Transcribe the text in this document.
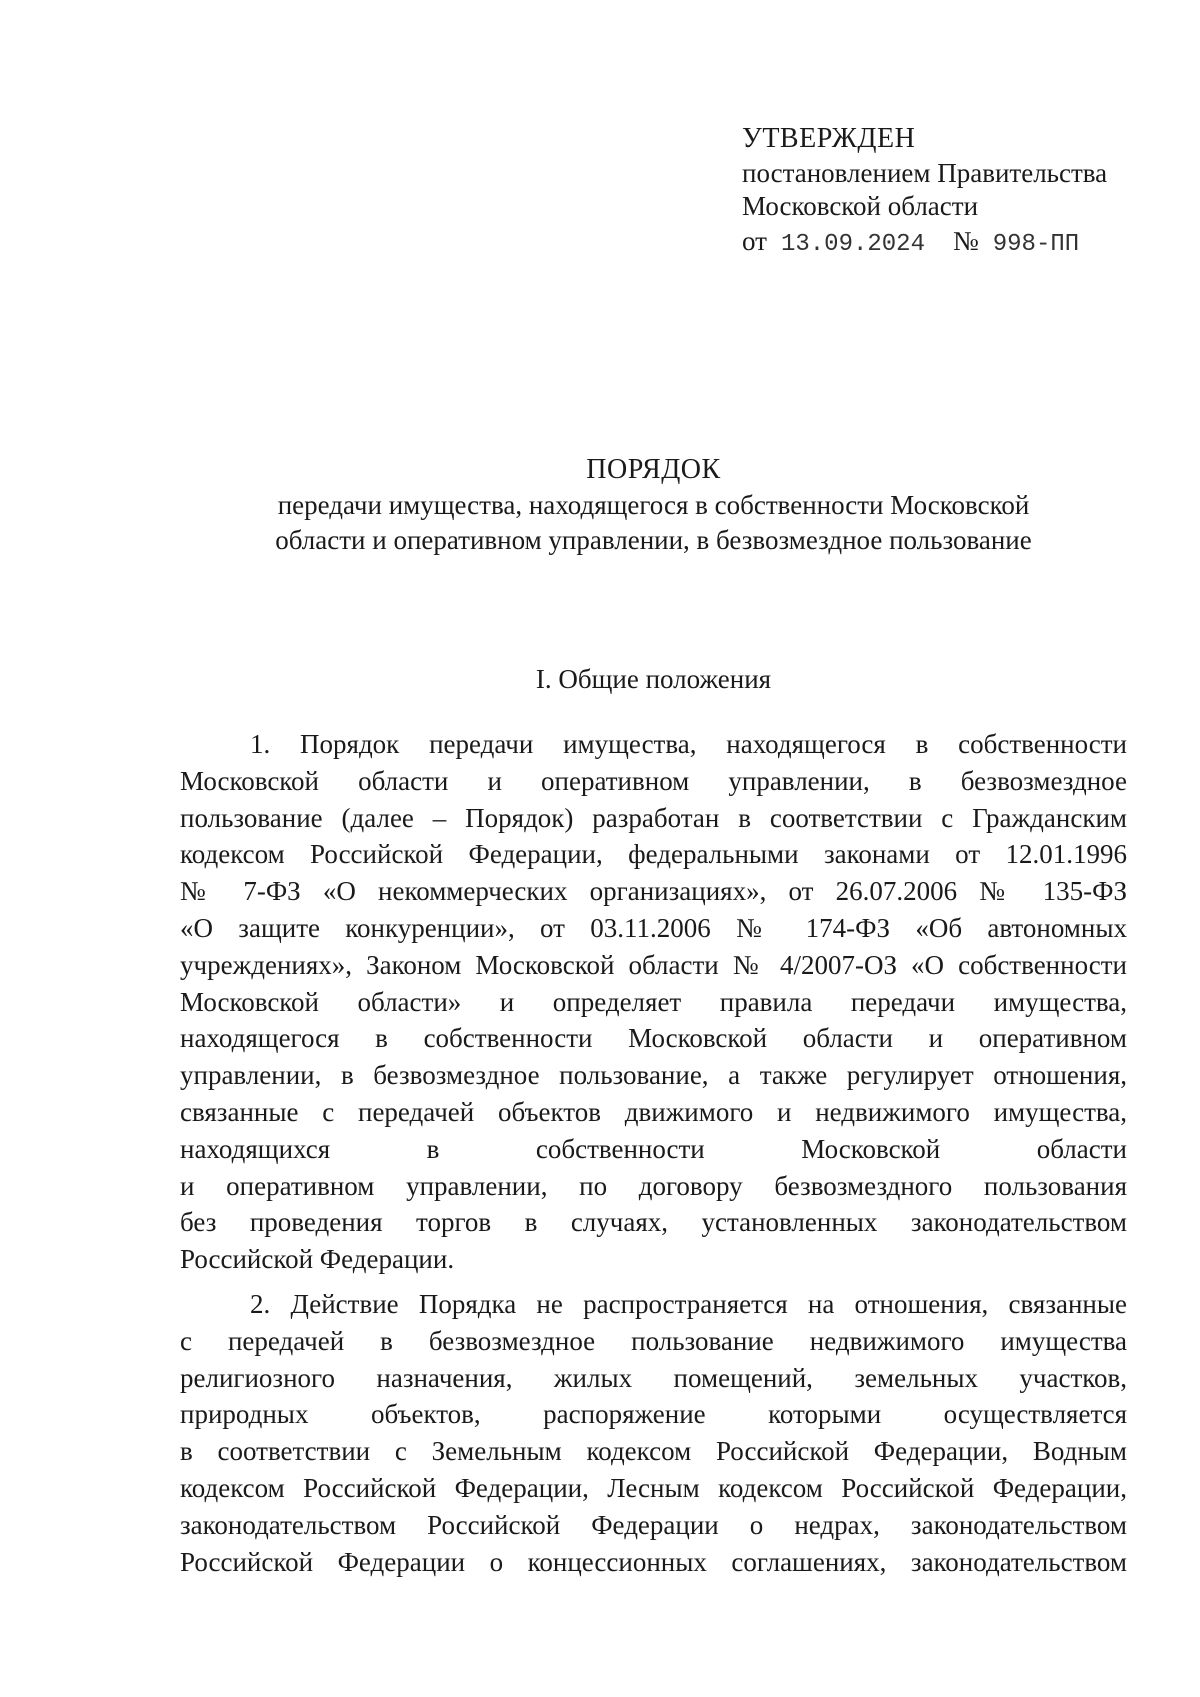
УТВЕРЖДЕН
постановлением Правительства
Московской области
от 13.09.2024 № 998-ПП
ПОРЯДОК
передачи имущества, находящегося в собственности Московской
области и оперативном управлении, в безвозмездное пользование
I. Общие положения
1. Порядок передачи имущества, находящегося в собственности
Московской области и оперативном управлении, в безвозмездное
пользование (далее – Порядок) разработан в соответствии с Гражданским
кодексом Российской Федерации, федеральными законами от 12.01.1996
№ 7-ФЗ «О некоммерческих организациях», от 26.07.2006 № 135-ФЗ
«О защите конкуренции», от 03.11.2006 № 174-ФЗ «Об автономных
учреждениях», Законом Московской области № 4/2007-ОЗ «О собственности
Московской области» и определяет правила передачи имущества,
находящегося в собственности Московской области и оперативном
управлении, в безвозмездное пользование, а также регулирует отношения,
связанные с передачей объектов движимого и недвижимого имущества,
находящихся в собственности Московской области
и оперативном управлении, по договору безвозмездного пользования
без проведения торгов в случаях, установленных законодательством
Российской Федерации.
2. Действие Порядка не распространяется на отношения, связанные
с передачей в безвозмездное пользование недвижимого имущества
религиозного назначения, жилых помещений, земельных участков,
природных объектов, распоряжение которыми осуществляется
в соответствии с Земельным кодексом Российской Федерации, Водным
кодексом Российской Федерации, Лесным кодексом Российской Федерации,
законодательством Российской Федерации о недрах, законодательством
Российской Федерации о концессионных соглашениях, законодательством
